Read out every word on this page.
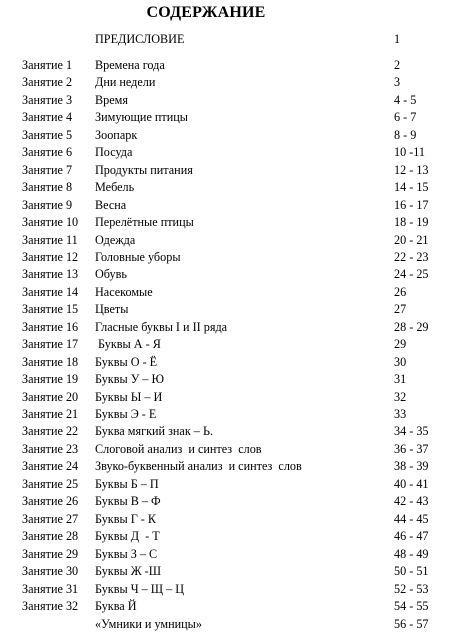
СОДЕРЖАНИЕ
ПРЕДИСЛОВИЕ	1
Занятие 1 Времена года	2
Занятие 2 Дни недели	3
Занятие 3 Время	4 - 5
Занятие 4 Зимующие птицы	6 - 7
Занятие 5 Зоопарк	8 - 9
Занятие 6 Посуда	10 -11
Занятие 7 Продукты питания	12 - 13
Занятие 8 Мебель	14 - 15
Занятие 9 Весна	16 - 17
Занятие 10 Перелётные птицы	18 - 19
Занятие 11 Одежда	20 - 21
Занятие 12 Головные уборы	22 - 23
Занятие 13 Обувь	24 - 25
Занятие 14 Насекомые	26
Занятие 15 Цветы	27
Занятие 16 Гласные буквы I и II ряда	28 - 29
Занятие 17 Буквы А - Я	29
Занятие 18 Буквы О - Ё	30
Занятие 19 Буквы У – Ю	31
Занятие 20 Буквы Ы – И	32
Занятие 21 Буквы Э - Е	33
Занятие 22 Буква мягкий знак – Ь.	34 - 35
Занятие 23 Слоговой анализ  и синтез  слов	36 - 37
Занятие 24 Звуко-буквенный анализ  и синтез  слов	38 - 39
Занятие 25 Буквы Б – П	40 - 41
Занятие 26 Буквы В – Ф	42 - 43
Занятие 27 Буквы Г - К	44 - 45
Занятие 28 Буквы Д  - Т	46 - 47
Занятие 29 Буквы З – С	48 - 49
Занятие 30 Буквы Ж -Ш	50 - 51
Занятие 31 Буквы Ч – Щ – Ц	52 - 53
Занятие 32 Буква Й	54 - 55
«Умники и умницы»	56 - 57
